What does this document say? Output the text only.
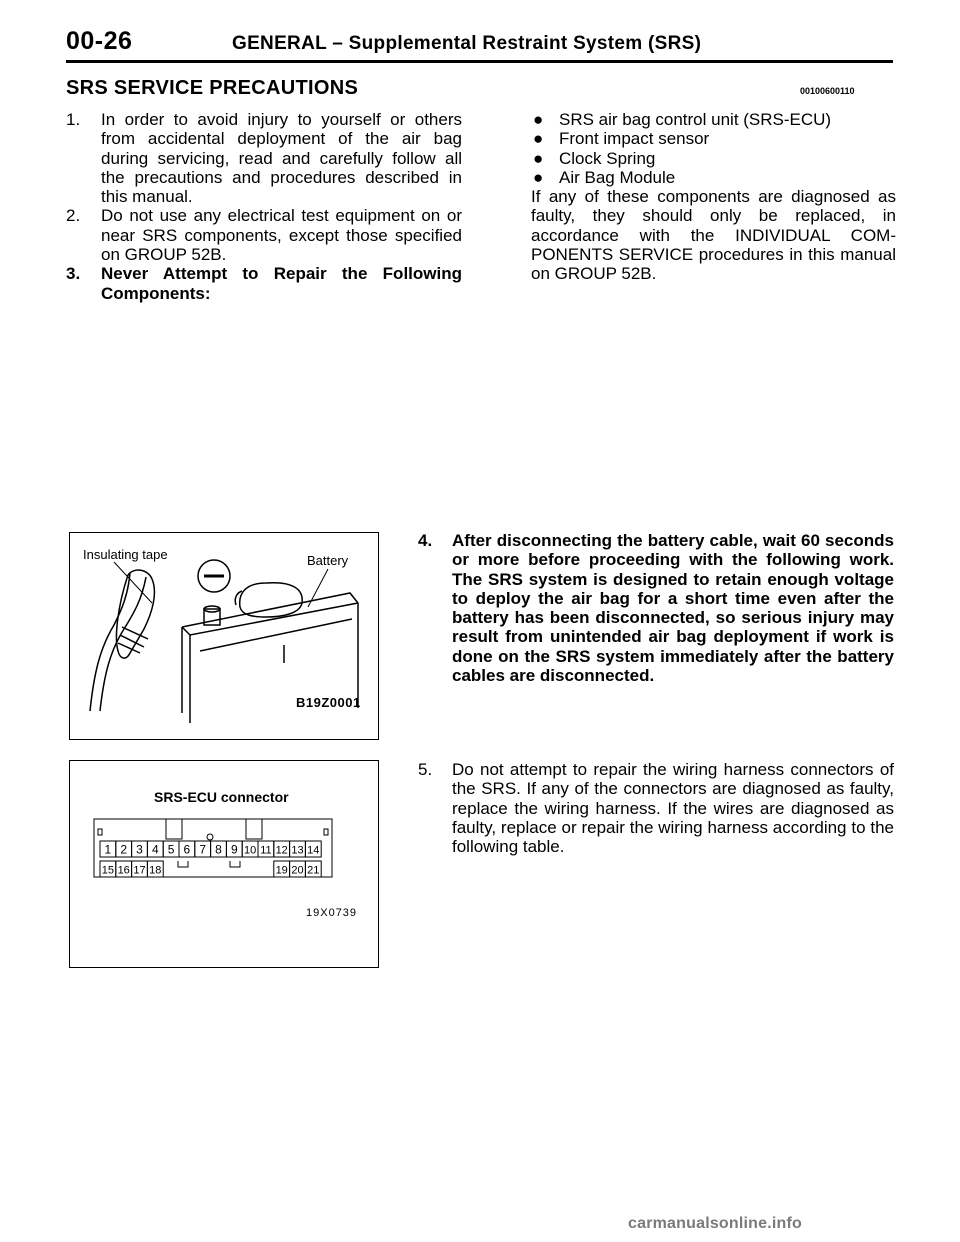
00-26	GENERAL – Supplemental Restraint System (SRS)
SRS SERVICE PRECAUTIONS	00100600110
1. In order to avoid injury to yourself or others from accidental deployment of the air bag during servicing, read and carefully follow all the precautions and procedures described in this manual.
2. Do not use any electrical test equipment on or near SRS components, except those specified on GROUP 52B.
3. Never Attempt to Repair the Following Components:
● SRS air bag control unit (SRS-ECU)
● Front impact sensor
● Clock Spring
● Air Bag Module
If any of these components are diagnosed as faulty, they should only be replaced, in accordance with the INDIVIDUAL COM-PONENTS SERVICE procedures in this manual on GROUP 52B.
Insulating tape	Battery
B19Z0001
4. After disconnecting the battery cable, wait 60 seconds or more before proceeding with the following work. The SRS system is designed to retain enough voltage to deploy the air bag for a short time even after the battery has been disconnected, so serious injury may result from unintended air bag deployment if work is done on the SRS system immediately after the battery cables are disconnected.
SRS-ECU connector
1 2 3 4 5 6 7 8 9 10 11 12 13 14
15 16 17 18	19 20 21
19X0739
5. Do not attempt to repair the wiring harness connectors of the SRS. If any of the connectors are diagnosed as faulty, replace the wiring harness. If the wires are diagnosed as faulty, replace or repair the wiring harness according to the following table.
carmanualsonline.info
